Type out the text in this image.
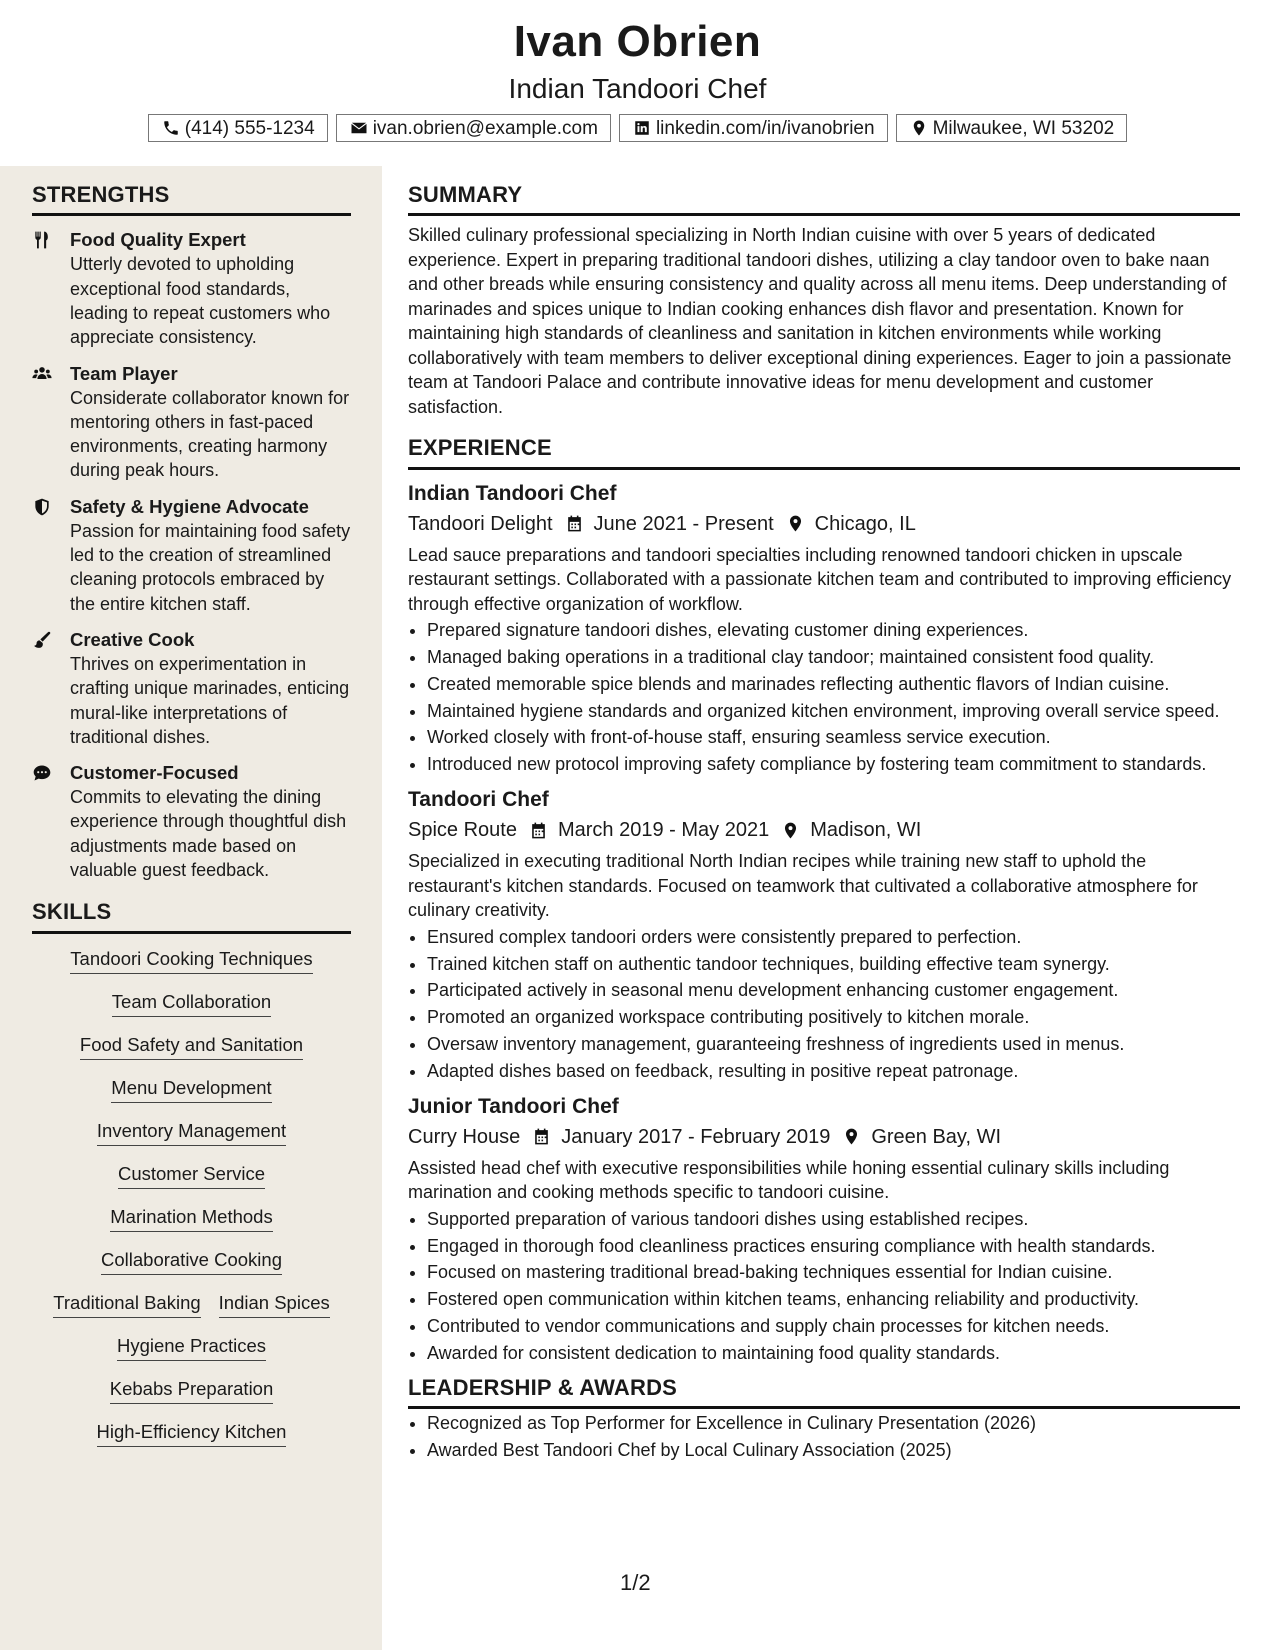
Ivan Obrien
Indian Tandoori Chef
(414) 555-1234	ivan.obrien@example.com	linkedin.com/in/ivanobrien	Milwaukee, WI 53202
STRENGTHS
Food Quality Expert
Utterly devoted to upholding exceptional food standards, leading to repeat customers who appreciate consistency.
Team Player
Considerate collaborator known for mentoring others in fast-paced environments, creating harmony during peak hours.
Safety & Hygiene Advocate
Passion for maintaining food safety led to the creation of streamlined cleaning protocols embraced by the entire kitchen staff.
Creative Cook
Thrives on experimentation in crafting unique marinades, enticing mural-like interpretations of traditional dishes.
Customer-Focused
Commits to elevating the dining experience through thoughtful dish adjustments made based on valuable guest feedback.
SKILLS
Tandoori Cooking Techniques
Team Collaboration
Food Safety and Sanitation
Menu Development
Inventory Management
Customer Service
Marination Methods
Collaborative Cooking
Traditional Baking Indian Spices
Hygiene Practices
Kebabs Preparation
High-Efficiency Kitchen
SUMMARY
Skilled culinary professional specializing in North Indian cuisine with over 5 years of dedicated experience. Expert in preparing traditional tandoori dishes, utilizing a clay tandoor oven to bake naan and other breads while ensuring consistency and quality across all menu items. Deep understanding of marinades and spices unique to Indian cooking enhances dish flavor and presentation. Known for maintaining high standards of cleanliness and sanitation in kitchen environments while working collaboratively with team members to deliver exceptional dining experiences. Eager to join a passionate team at Tandoori Palace and contribute innovative ideas for menu development and customer satisfaction.
EXPERIENCE
Indian Tandoori Chef
Tandoori Delight June 2021 - Present Chicago, IL
Lead sauce preparations and tandoori specialties including renowned tandoori chicken in upscale restaurant settings. Collaborated with a passionate kitchen team and contributed to improving efficiency through effective organization of workflow.
• Prepared signature tandoori dishes, elevating customer dining experiences.
• Managed baking operations in a traditional clay tandoor; maintained consistent food quality.
• Created memorable spice blends and marinades reflecting authentic flavors of Indian cuisine.
• Maintained hygiene standards and organized kitchen environment, improving overall service speed.
• Worked closely with front-of-house staff, ensuring seamless service execution.
• Introduced new protocol improving safety compliance by fostering team commitment to standards.
Tandoori Chef
Spice Route March 2019 - May 2021 Madison, WI
Specialized in executing traditional North Indian recipes while training new staff to uphold the restaurant's kitchen standards. Focused on teamwork that cultivated a collaborative atmosphere for culinary creativity.
• Ensured complex tandoori orders were consistently prepared to perfection.
• Trained kitchen staff on authentic tandoor techniques, building effective team synergy.
• Participated actively in seasonal menu development enhancing customer engagement.
• Promoted an organized workspace contributing positively to kitchen morale.
• Oversaw inventory management, guaranteeing freshness of ingredients used in menus.
• Adapted dishes based on feedback, resulting in positive repeat patronage.
Junior Tandoori Chef
Curry House January 2017 - February 2019 Green Bay, WI
Assisted head chef with executive responsibilities while honing essential culinary skills including marination and cooking methods specific to tandoori cuisine.
• Supported preparation of various tandoori dishes using established recipes.
• Engaged in thorough food cleanliness practices ensuring compliance with health standards.
• Focused on mastering traditional bread-baking techniques essential for Indian cuisine.
• Fostered open communication within kitchen teams, enhancing reliability and productivity.
• Contributed to vendor communications and supply chain processes for kitchen needs.
• Awarded for consistent dedication to maintaining food quality standards.
LEADERSHIP & AWARDS
• Recognized as Top Performer for Excellence in Culinary Presentation (2026)
• Awarded Best Tandoori Chef by Local Culinary Association (2025)
1/2
